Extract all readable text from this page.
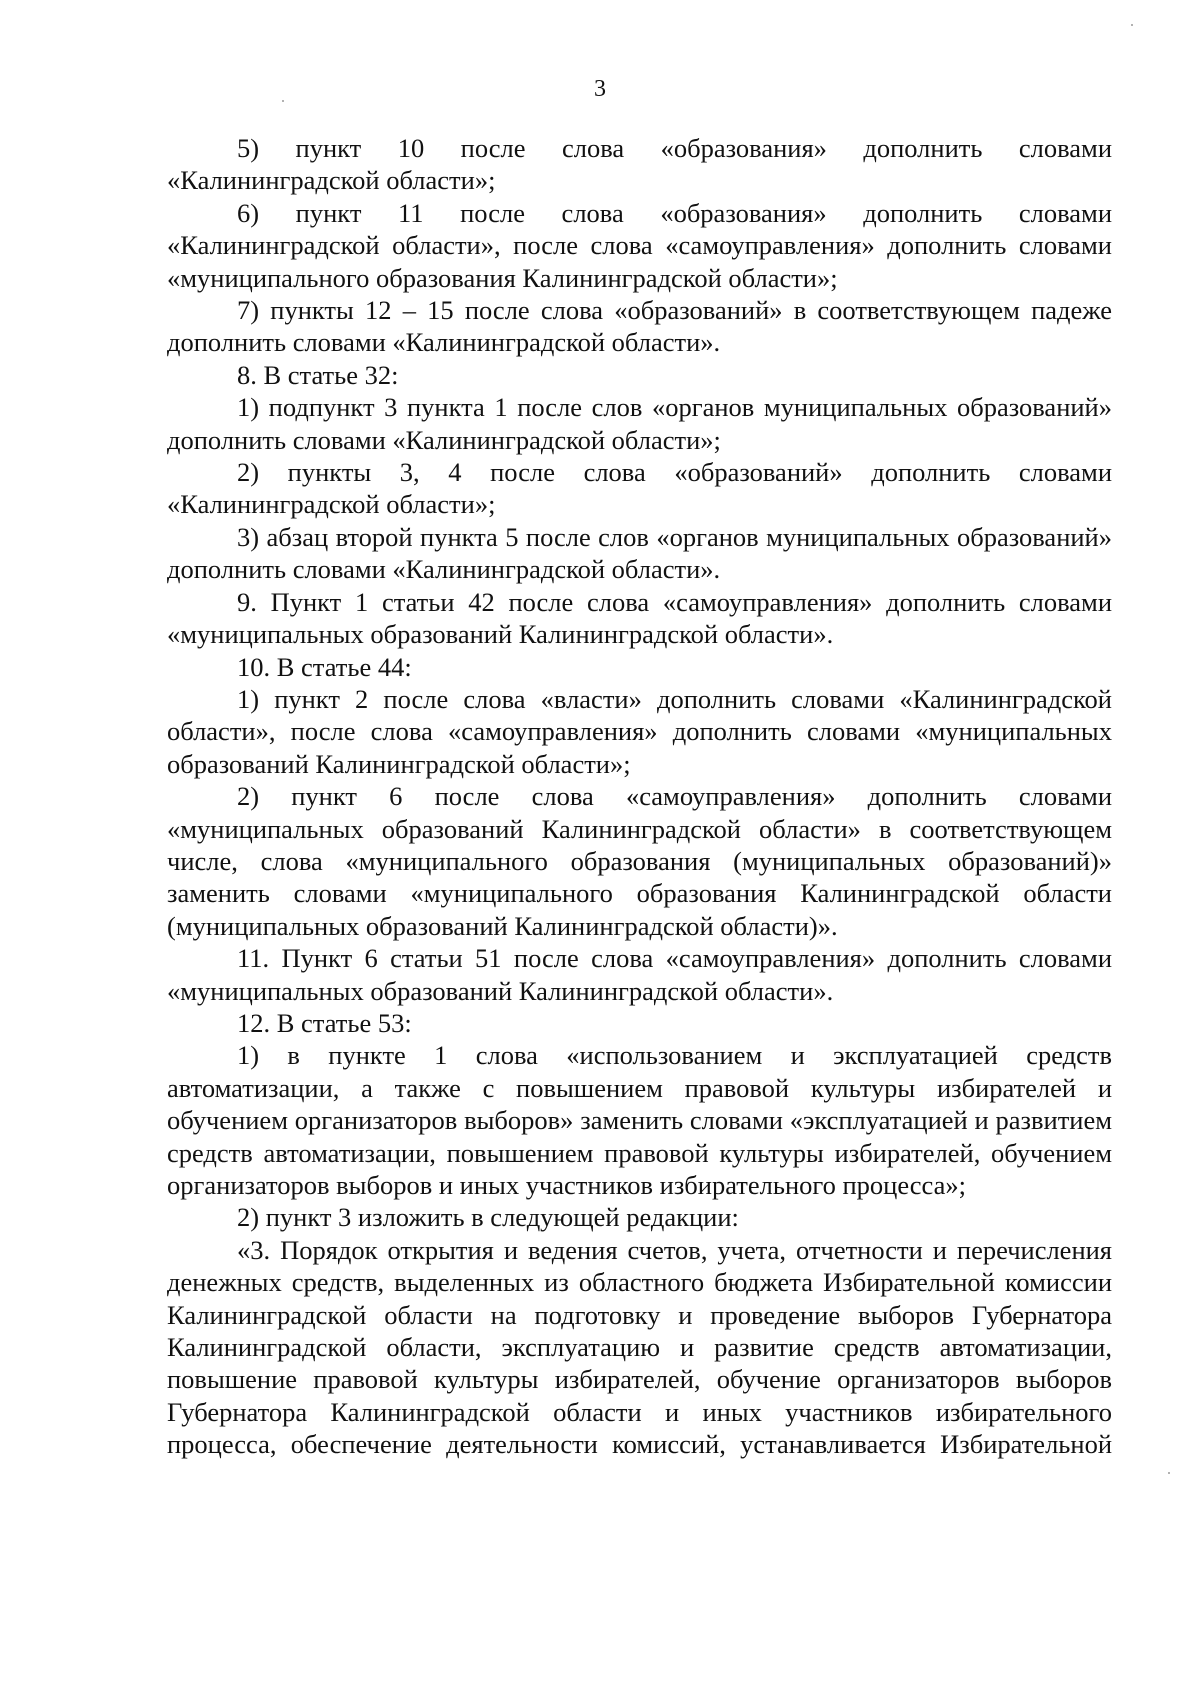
3

5) пункт 10 после слова «образования» дополнить словами «Калининградской области»;

6) пункт 11 после слова «образования» дополнить словами «Калининградской области», после слова «самоуправления» дополнить словами «муниципального образования Калининградской области»;

7) пункты 12 – 15 после слова «образований» в соответствующем падеже дополнить словами «Калининградской области».

8. В статье 32:

1) подпункт 3 пункта 1 после слов «органов муниципальных образований» дополнить словами «Калининградской области»;

2) пункты 3, 4 после слова «образований» дополнить словами «Калининградской области»;

3) абзац второй пункта 5 после слов «органов муниципальных образований» дополнить словами «Калининградской области».

9. Пункт 1 статьи 42 после слова «самоуправления» дополнить словами «муниципальных образований Калининградской области».

10. В статье 44:

1) пункт 2 после слова «власти» дополнить словами «Калининградской области», после слова «самоуправления» дополнить словами «муниципальных образований Калининградской области»;

2) пункт 6 после слова «самоуправления» дополнить словами «муниципальных образований Калининградской области» в соответствующем числе, слова «муниципального образования (муниципальных образований)» заменить словами «муниципального образования Калининградской области (муниципальных образований Калининградской области)».

11. Пункт 6 статьи 51 после слова «самоуправления» дополнить словами «муниципальных образований Калининградской области».

12. В статье 53:

1) в пункте 1 слова «использованием и эксплуатацией средств автоматизации, а также с повышением правовой культуры избирателей и обучением организаторов выборов» заменить словами «эксплуатацией и развитием средств автоматизации, повышением правовой культуры избирателей, обучением организаторов выборов и иных участников избирательного процесса»;

2) пункт 3 изложить в следующей редакции:

«3. Порядок открытия и ведения счетов, учета, отчетности и перечисления денежных средств, выделенных из областного бюджета Избирательной комиссии Калининградской области на подготовку и проведение выборов Губернатора Калининградской области, эксплуатацию и развитие средств автоматизации, повышение правовой культуры избирателей, обучение организаторов выборов Губернатора Калининградской области и иных участников избирательного процесса, обеспечение деятельности комиссий, устанавливается Избирательной
